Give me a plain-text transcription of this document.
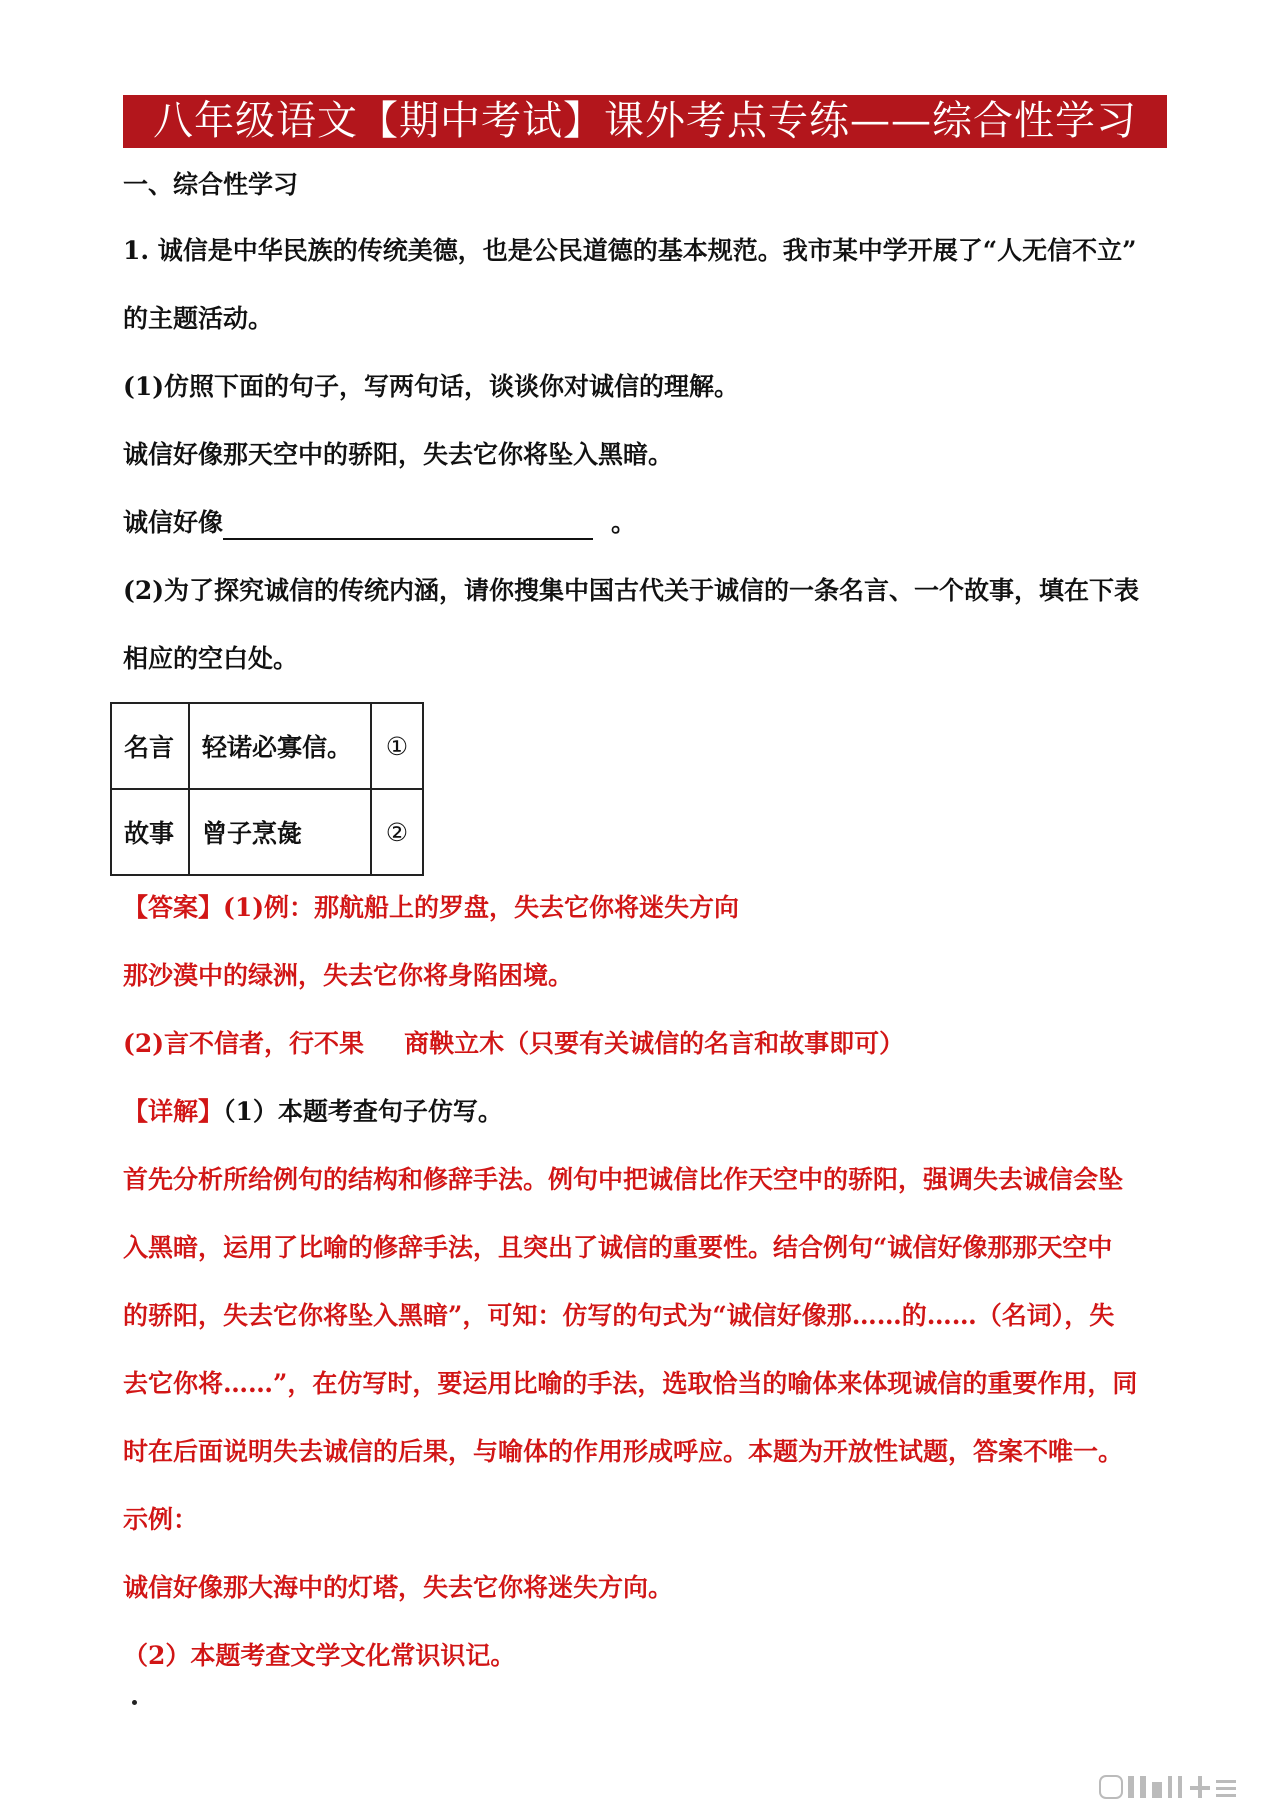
八年级语文【期中考试】课外考点专练——综合性学习
一、综合性学习
1. 诚信是中华民族的传统美德，也是公民道德的基本规范。我市某中学开展了“人无信不立”
的主题活动。
(1)仿照下面的句子，写两句话，谈谈你对诚信的理解。
诚信好像那天空中的骄阳，失去它你将坠入黑暗。
诚信好像	。
(2)为了探究诚信的传统内涵，请你搜集中国古代关于诚信的一条名言、一个故事，填在下表
相应的空白处。
名言	轻诺必寡信。	①
故事	曾子烹彘	②
【答案】(1)例：那航船上的罗盘，失去它你将迷失方向
那沙漠中的绿洲，失去它你将身陷困境。
(2)言不信者，行不果 商鞅立木（只要有关诚信的名言和故事即可）
【详解】（1）本题考查句子仿写。
首先分析所给例句的结构和修辞手法。例句中把诚信比作天空中的骄阳，强调失去诚信会坠
入黑暗，运用了比喻的修辞手法，且突出了诚信的重要性。结合例句“诚信好像那那天空中
的骄阳，失去它你将坠入黑暗”，可知：仿写的句式为“诚信好像那……的……（名词），失
去它你将……”，在仿写时，要运用比喻的手法，选取恰当的喻体来体现诚信的重要作用，同
时在后面说明失去诚信的后果，与喻体的作用形成呼应。本题为开放性试题，答案不唯一。
示例：
诚信好像那大海中的灯塔，失去它你将迷失方向。
（2）本题考查文学文化常识识记。
